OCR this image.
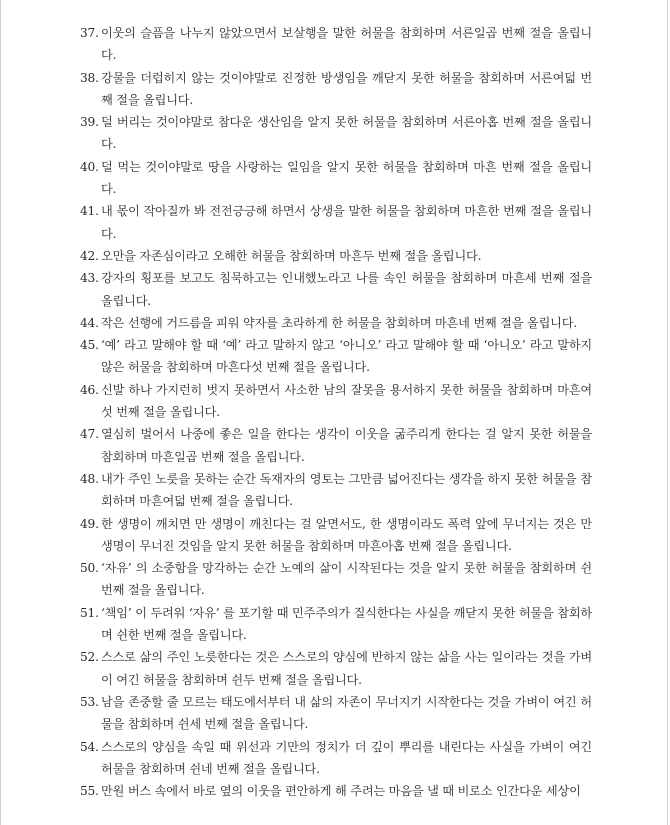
37. 이웃의 슬픔을 나누지 않았으면서 보살행을 말한 허물을 참회하며 서른일곱 번째 절을 올립니다.
38. 강물을 더럽히지 않는 것이야말로 진정한 방생임을 깨닫지 못한 허물을 참회하며 서른여덟 번째 절을 올립니다.
39. 덜 버리는 것이야말로 참다운 생산임을 알지 못한 허물을 참회하며 서른아홉 번째 절을 올립니다.
40. 덜 먹는 것이야말로 땅을 사랑하는 일임을 알지 못한 허물을 참회하며 마흔 번째 절을 올립니다.
41. 내 몫이 작아질까 봐 전전긍긍해 하면서 상생을 말한 허물을 참회하며 마흔한 번째 절을 올립니다.
42. 오만을 자존심이라고 오해한 허물을 참회하며 마흔두 번째 절을 올립니다.
43. 강자의 횡포를 보고도 침묵하고는 인내했노라고 나를 속인 허물을 참회하며 마흔세 번째 절을 올립니다.
44. 작은 선행에 거드름을 피워 약자를 초라하게 한 허물을 참회하며 마흔네 번째 절을 올립니다.
45. ‘예’ 라고 말해야 할 때 ‘예’ 라고 말하지 않고 ‘아니오’ 라고 말해야 할 때 ‘아니오’ 라고 말하지 않은 허물을 참회하며 마흔다섯 번째 절을 올립니다.
46. 신발 하나 가지런히 벗지 못하면서 사소한 남의 잘못을 용서하지 못한 허물을 참회하며 마흔여섯 번째 절을 올립니다.
47. 열심히 벌어서 나중에 좋은 일을 한다는 생각이 이웃을 굶주리게 한다는 걸 알지 못한 허물을 참회하며 마흔일곱 번째 절을 올립니다.
48. 내가 주인 노릇을 못하는 순간 독재자의 영토는 그만큼 넓어진다는 생각을 하지 못한 허물을 참회하며 마흔여덟 번째 절을 올립니다.
49. 한 생명이 깨치면 만 생명이 깨친다는 걸 알면서도, 한 생명이라도 폭력 앞에 무너지는 것은 만생명이 무너진 것임을 알지 못한 허물을 참회하며 마흔아홉 번째 절을 올립니다.
50. ‘자유’ 의 소중함을 망각하는 순간 노예의 삶이 시작된다는 것을 알지 못한 허물을 참회하며 쉰 번째 절을 올립니다.
51. ‘책임’ 이 두려워 ‘자유’ 를 포기할 때 민주주의가 질식한다는 사실을 깨닫지 못한 허물을 참회하며 쉰한 번째 절을 올립니다.
52. 스스로 삶의 주인 노릇한다는 것은 스스로의 양심에 반하지 않는 삶을 사는 일이라는 것을 가벼이 여긴 허물을 참회하며 쉰두 번째 절을 올립니다.
53. 남을 존중할 줄 모르는 태도에서부터 내 삶의 자존이 무너지기 시작한다는 것을 가벼이 여긴 허물을 참회하며 쉰세 번째 절을 올립니다.
54. 스스로의 양심을 속일 때 위선과 기만의 정치가 더 깊이 뿌리를 내린다는 사실을 가벼이 여긴 허물을 참회하며 쉰네 번째 절을 올립니다.
55. 만원 버스 속에서 바로 옆의 이웃을 편안하게 해 주려는 마음을 낼 때 비로소 인간다운 세상이
